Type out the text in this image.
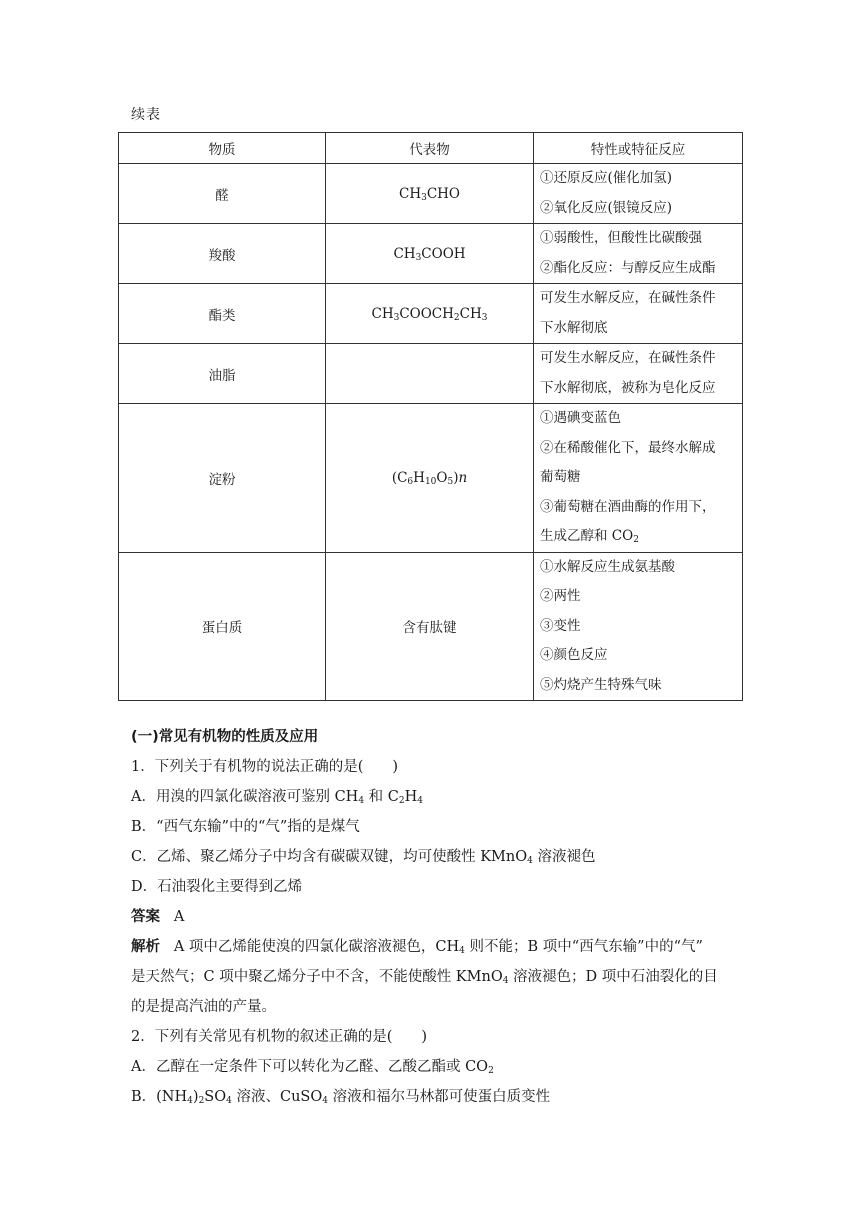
续表
物质	代表物	特性或特征反应
醛	$CH_3CHO$	①还原反应(催化加氢)
②氧化反应(银镜反应)

羧酸	$CH_3COOH$	①弱酸性，但酸性比碳酸强
②酯化反应：与醇反应生成酯

酯类	$CH_3COOCH_2CH_3$	可发生水解反应，在碱性条件
下水解彻底

油脂		可发生水解反应，在碱性条件
下水解彻底，被称为皂化反应

淀粉	$(C_6H_{10}O_5)n$	①遇碘变蓝色
②在稀酸催化下，最终水解成
葡萄糖
③葡萄糖在酒曲酶的作用下，
生成乙醇和 $CO_2$

蛋白质	含有肽键	①水解反应生成氨基酸
②两性
③变性
④颜色反应
⑤灼烧产生特殊气味
(一)常见有机物的性质及应用
1．下列关于有机物的说法正确的是(　　)
A．用溴的四氯化碳溶液可鉴别 $CH_4$ 和 $C_2H_4$
B．“西气东输”中的“气”指的是煤气
C．乙烯、聚乙烯分子中均含有碳碳双键，均可使酸性 KMnO$_4$ 溶液褪色
D．石油裂化主要得到乙烯
答案 A
解析 A 项中乙烯能使溴的四氯化碳溶液褪色，$CH_4$ 则不能；B 项中“西气东输”中的“气”
是天然气；C 项中聚乙烯分子中不含，不能使酸性 KMnO$_4$ 溶液褪色；D 项中石油裂化的目
的是提高汽油的产量。
2．下列有关常见有机物的叙述正确的是(　　)
A．乙醇在一定条件下可以转化为乙醛、乙酸乙酯或 $CO_2$
B．$(NH_4)_2SO_4$ 溶液、CuSO$_4$ 溶液和福尔马林都可使蛋白质变性
